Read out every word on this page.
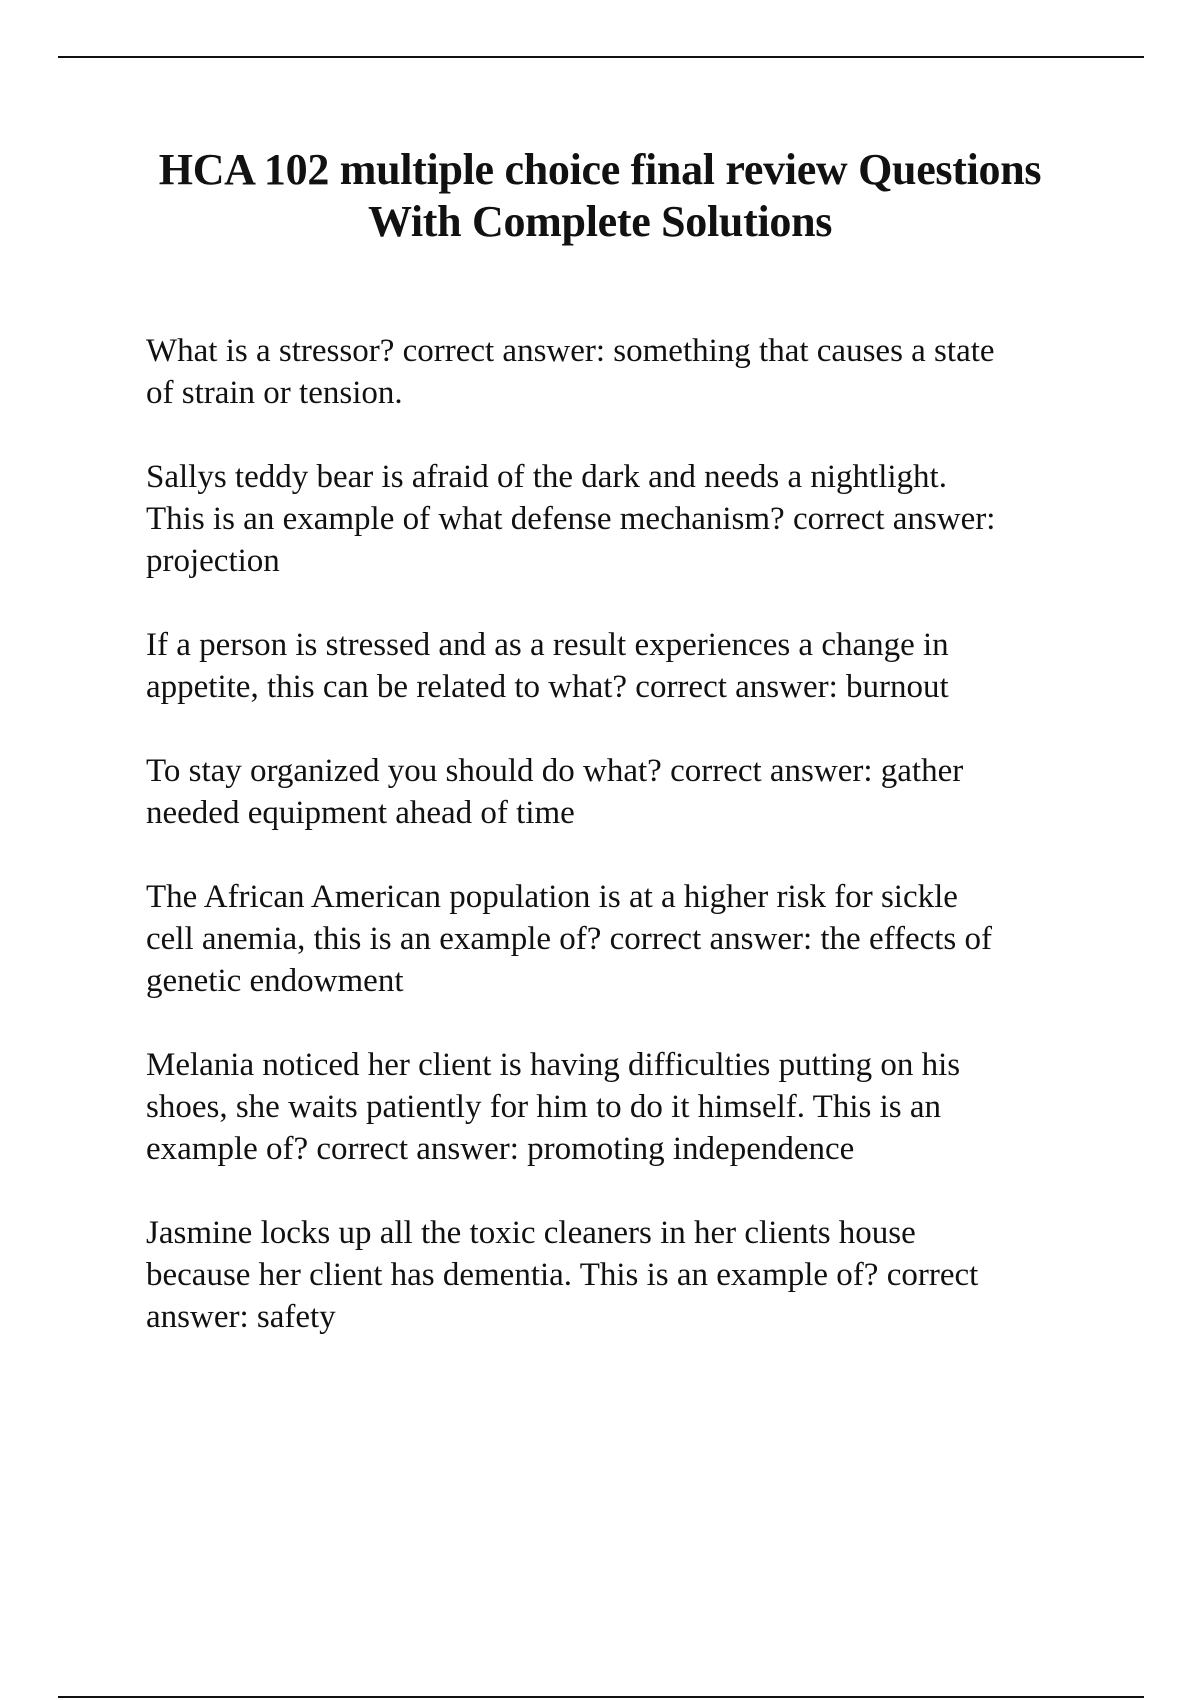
HCA 102 multiple choice final review Questions
With Complete Solutions
What is a stressor? correct answer: something that causes a state
of strain or tension.
Sallys teddy bear is afraid of the dark and needs a nightlight.
This is an example of what defense mechanism? correct answer:
projection
If a person is stressed and as a result experiences a change in
appetite, this can be related to what? correct answer: burnout
To stay organized you should do what? correct answer: gather
needed equipment ahead of time
The African American population is at a higher risk for sickle
cell anemia, this is an example of? correct answer: the effects of
genetic endowment
Melania noticed her client is having difficulties putting on his
shoes, she waits patiently for him to do it himself. This is an
example of? correct answer: promoting independence
Jasmine locks up all the toxic cleaners in her clients house
because her client has dementia. This is an example of? correct
answer: safety
